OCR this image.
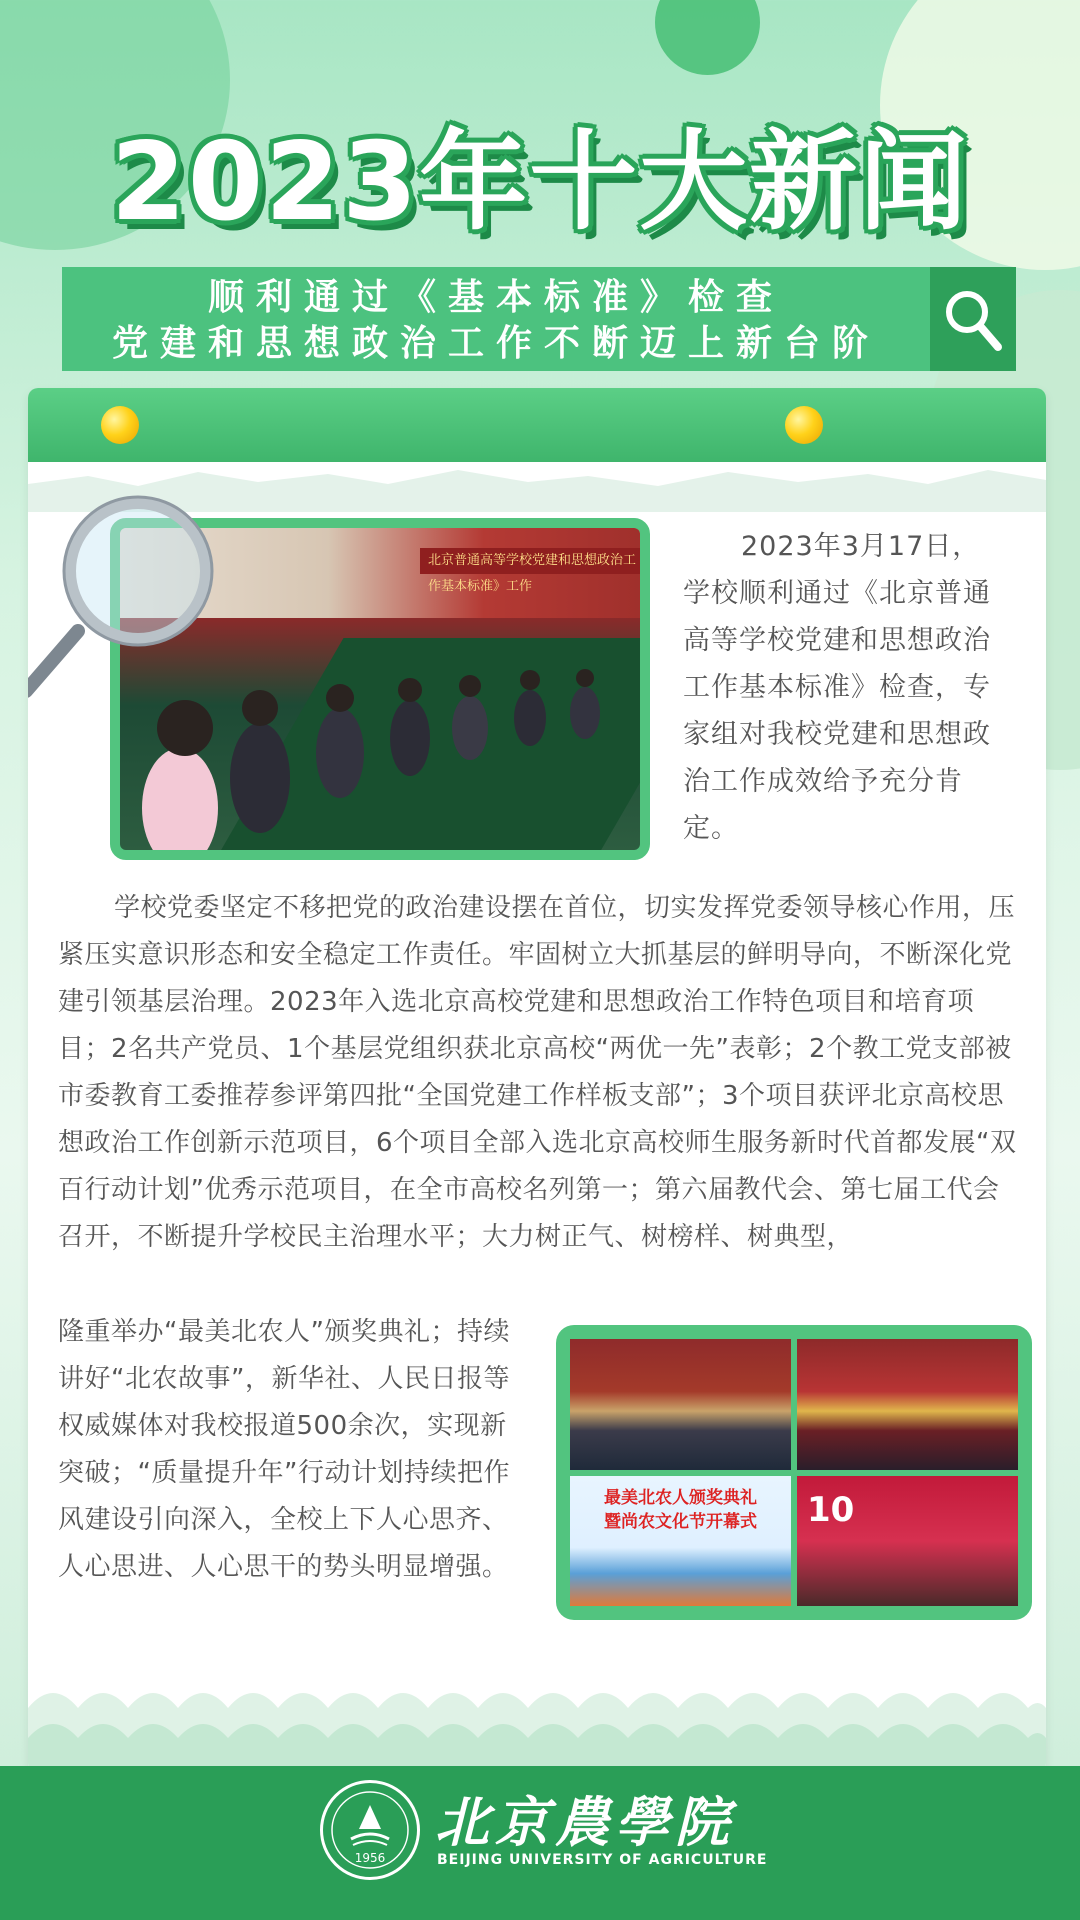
2023年十大新闻
顺利通过《基本标准》检查
党建和思想政治工作不断迈上新台阶
北京普通高等学校党建和思想政治工作基本标准》工作
2023年3月17日，
学校顺利通过《北京普通高等学校党建和思想政治工作基本标准》检查，专家组对我校党建和思想政治工作成效给予充分肯定。
学校党委坚定不移把党的政治建设摆在首位，切实发挥党委领导核心作用，压紧压实意识形态和安全稳定工作责任。牢固树立大抓基层的鲜明导向，不断深化党建引领基层治理。2023年入选北京高校党建和思想政治工作特色项目和培育项目；2名共产党员、1个基层党组织获北京高校“两优一先”表彰；2个教工党支部被市委教育工委推荐参评第四批“全国党建工作样板支部”；3个项目获评北京高校思想政治工作创新示范项目，6个项目全部入选北京高校师生服务新时代首都发展“双百行动计划”优秀示范项目，在全市高校名列第一；第六届教代会、第七届工代会召开，不断提升学校民主治理水平；大力树正气、树榜样、树典型，
隆重举办“最美北农人”颁奖典礼；持续讲好“北农故事”，新华社、人民日报等权威媒体对我校报道500余次，实现新突破；“质量提升年”行动计划持续把作风建设引向深入，全校上下人心思齐、人心思进、人心思干的势头明显增强。
最美北农人颁奖典礼
暨尚农文化节开幕式	10
1956
北京農學院
BEIJING UNIVERSITY OF AGRICULTURE
